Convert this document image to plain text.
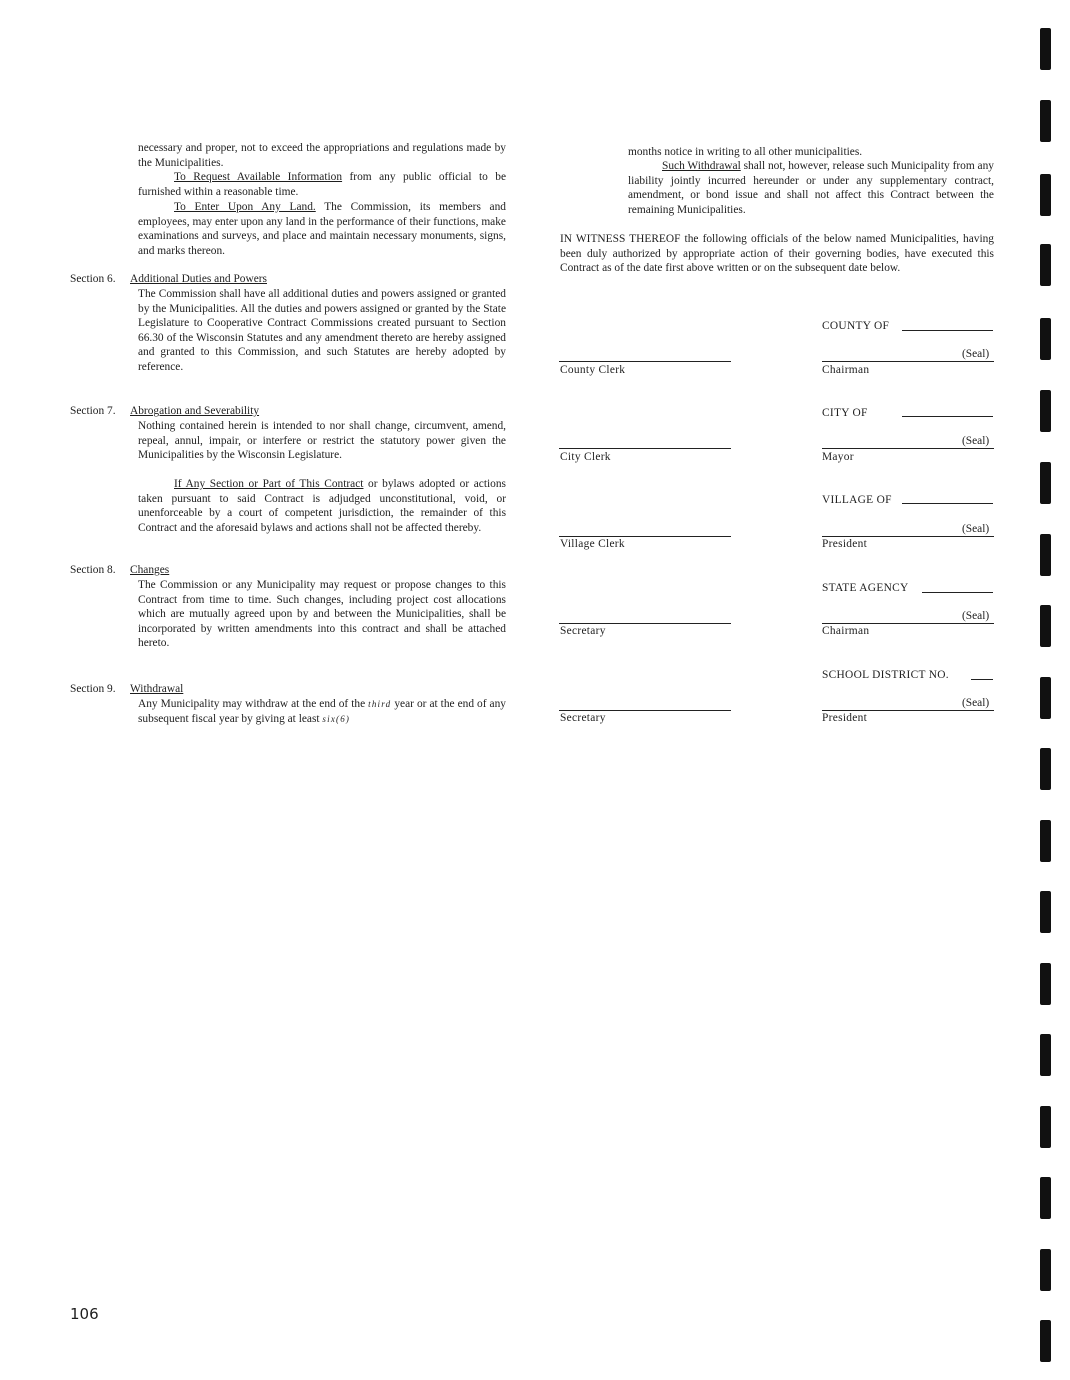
necessary and proper, not to exceed the appropriations and regulations made by the Municipalities.
To Request Available Information from any public official to be furnished within a reasonable time.
To Enter Upon Any Land. The Commission, its members and employees, may enter upon any land in the performance of their functions, make examinations and surveys, and place and maintain necessary monuments, signs, and marks thereon.
Section 6. Additional Duties and Powers
The Commission shall have all additional duties and powers assigned or granted by the Municipalities. All the duties and powers assigned or granted by the State Legislature to Cooperative Contract Commissions created pursuant to Section 66.30 of the Wisconsin Statutes and any amendment thereto are hereby assigned and granted to this Commission, and such Statutes are hereby adopted by reference.
Section 7. Abrogation and Severability
Nothing contained herein is intended to nor shall change, circumvent, amend, repeal, annul, impair, or interfere or restrict the statutory power given the Municipalities by the Wisconsin Legislature.
If Any Section or Part of This Contract or bylaws adopted or actions taken pursuant to said Contract is adjudged unconstitutional, void, or unenforceable by a court of competent jurisdiction, the remainder of this Contract and the aforesaid bylaws and actions shall not be affected thereby.
Section 8. Changes
The Commission or any Municipality may request or propose changes to this Contract from time to time. Such changes, including project cost allocations which are mutually agreed upon by and between the Municipalities, shall be incorporated by written amendments into this contract and shall be attached hereto.
Section 9. Withdrawal
Any Municipality may withdraw at the end of the third year or at the end of any subsequent fiscal year by giving at least six(6)
months notice in writing to all other municipalities.
Such Withdrawal shall not, however, release such Municipality from any liability jointly incurred hereunder or under any supplementary contract, amendment, or bond issue and shall not affect this Contract between the remaining Municipalities.
IN WITNESS THEREOF the following officials of the below named Municipalities, having been duly authorized by appropriate action of their governing bodies, have executed this Contract as of the date first above written or on the subsequent date below.
COUNTY OF
(Seal)
County Clerk	Chairman
CITY OF
(Seal)
City Clerk	Mayor
VILLAGE OF
(Seal)
Village Clerk	President
STATE AGENCY
(Seal)
Secretary	Chairman
SCHOOL DISTRICT NO.
(Seal)
Secretary	President
106
